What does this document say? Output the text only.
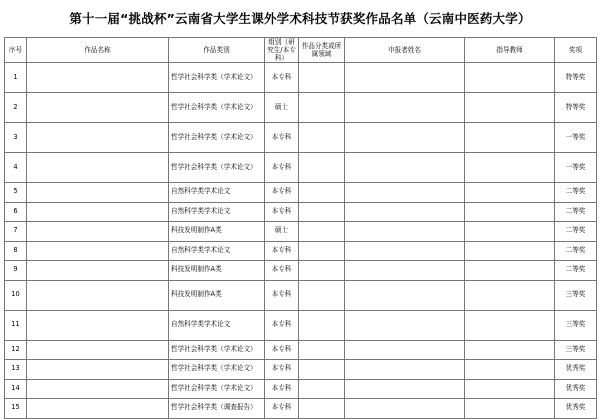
第十一届“挑战杯”云南省大学生课外学术科技节获奖作品名单（云南中医药大学）
序号	作品名称	作品类别	组别（研究生/本专科）	作品分类或所属领域	申报者姓名	指导教师	奖项
1		哲学社会科学类（学术论文）	本专科				特等奖
2		哲学社会科学类（学术论文）	硕士				特等奖
3		哲学社会科学类（学术论文）	本专科				一等奖
4		哲学社会科学类（学术论文）	本专科				一等奖
5		自然科学类学术论文	本专科				二等奖
6		自然科学类学术论文	本专科				二等奖
7		科技发明制作A类	硕士				二等奖
8		自然科学类学术论文	本专科				二等奖
9		科技发明制作A类	本专科				二等奖
10		科技发明制作A类	本专科				三等奖
11		自然科学类学术论文	本专科				三等奖
12		哲学社会科学类（学术论文）	本专科				三等奖
13		哲学社会科学类（学术论文）	本专科				优秀奖
14		哲学社会科学类（学术论文）	本专科				优秀奖
15		哲学社会科学类（调查报告）	本专科				优秀奖
